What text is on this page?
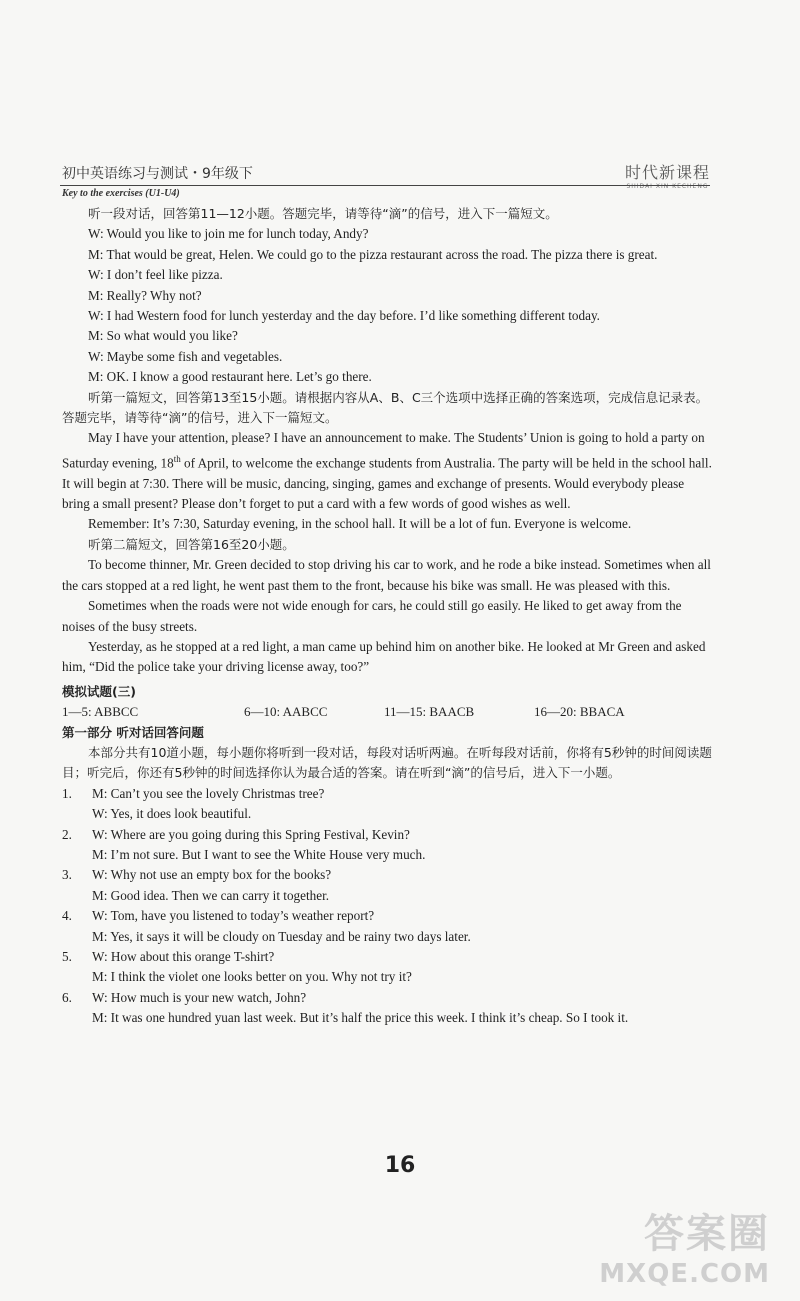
初中英语练习与测试・9年级下	时代新课程
SHIDAI XIN KECHENG
Key to the exercises (U1-U4)

听一段对话，回答第11—12小题。答题完毕，请等待“滴”的信号，进入下一篇短文。

W: Would you like to join me for lunch today, Andy?

M: That would be great, Helen. We could go to the pizza restaurant across the road. The pizza there is great.

W: I don’t feel like pizza.

M: Really? Why not?

W: I had Western food for lunch yesterday and the day before. I’d like something different today.

M: So what would you like?

W: Maybe some fish and vegetables.

M: OK. I know a good restaurant here. Let’s go there.

听第一篇短文，回答第13至15小题。请根据内容从A、B、C三个选项中选择正确的答案选项，完成信息记录表。答题完毕，请等待“滴”的信号，进入下一篇短文。

May I have your attention, please? I have an announcement to make. The Students’ Union is going to hold a party on Saturday evening, 18th of April, to welcome the exchange students from Australia. The party will be held in the school hall. It will begin at 7:30. There will be music, dancing, singing, games and exchange of presents. Would everybody please bring a small present? Please don’t forget to put a card with a few words of good wishes as well.

Remember: It’s 7:30, Saturday evening, in the school hall. It will be a lot of fun. Everyone is welcome.

听第二篇短文，回答第16至20小题。

To become thinner, Mr. Green decided to stop driving his car to work, and he rode a bike instead. Sometimes when all the cars stopped at a red light, he went past them to the front, because his bike was small. He was pleased with this.

Sometimes when the roads were not wide enough for cars, he could still go easily. He liked to get away from the noises of the busy streets.

Yesterday, as he stopped at a red light, a man came up behind him on another bike. He looked at Mr Green and asked him, “Did the police take your driving license away, too?”

模拟试题(三)

1—5: ABBCC	6—10: AABCC	11—15: BAACB	16—20: BBACA

第一部分 听对话回答问题

本部分共有10道小题，每小题你将听到一段对话，每段对话听两遍。在听每段对话前，你将有5秒钟的时间阅读题目；听完后，你还有5秒钟的时间选择你认为最合适的答案。请在听到“滴”的信号后，进入下一小题。

1.	M: Can’t you see the lovely Christmas tree?

W: Yes, it does look beautiful.

2.	W: Where are you going during this Spring Festival, Kevin?

M: I’m not sure. But I want to see the White House very much.

3.	W: Why not use an empty box for the books?

M: Good idea. Then we can carry it together.

4.	W: Tom, have you listened to today’s weather report?

M: Yes, it says it will be cloudy on Tuesday and be rainy two days later.

5.	W: How about this orange T-shirt?

M: I think the violet one looks better on you. Why not try it?

6.	W: How much is your new watch, John?

M: It was one hundred yuan last week. But it’s half the price this week. I think it’s cheap. So I took it.

16
答案圈
MXQE.COM
